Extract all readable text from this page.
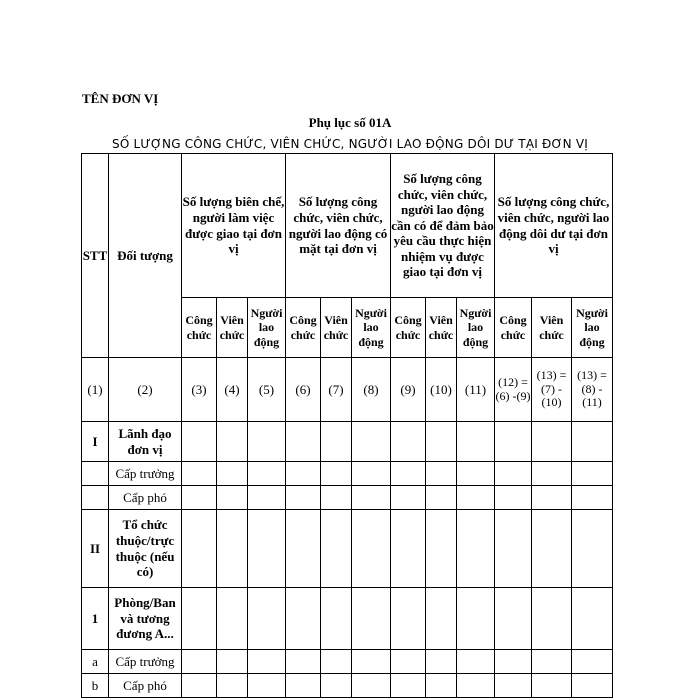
TÊN ĐƠN VỊ
Phụ lục số 01A
SỐ LƯỢNG CÔNG CHỨC, VIÊN CHỨC, NGƯỜI LAO ĐỘNG DÔI DƯ TẠI ĐƠN VỊ
STT	Đối tượng	Số lượng biên chế, người làm việc được giao tại đơn vị			Số lượng công chức, viên chức, người lao động có mặt tại đơn vị			Số lượng công chức, viên chức, người lao động cần có để đảm bảo yêu cầu thực hiện nhiệm vụ được giao tại đơn vị			Số lượng công chức, viên chức, người lao động dôi dư tại đơn vị		
		Công chức	Viên chức	Người lao động	Công chức	Viên chức	Người lao động	Công chức	Viên chức	Người lao động	Công chức	Viên chức	Người lao động
(1)	(2)	(3)	(4)	(5)	(6)	(7)	(8)	(9)	(10)	(11)	(12) = (6) -(9)	(13) = (7) - (10)	(13) = (8) - (11)
I	Lãnh đạo đơn vị												
	Cấp trưởng												
	Cấp phó												
II	Tổ chức thuộc/trực thuộc (nếu có)												
1	Phòng/Ban và tương đương A...												
a	Cấp trưởng												
b	Cấp phó												
